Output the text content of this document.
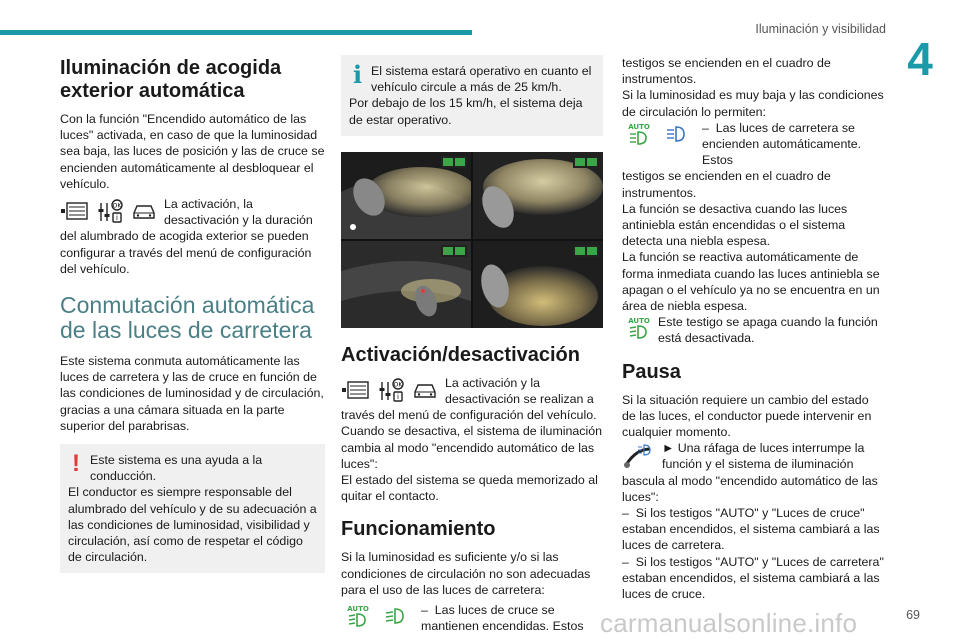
Iluminación y visibilidad
4
69
carmanualsonline.info
Iluminación de acogida exterior automática

Con la función "Encendido automático de las luces" activada, en caso de que la luminosidad sea baja, las luces de posición y las de cruce se encienden automáticamente al desbloquear el vehículo.

OK
i
La activación, la desactivación y la duración

del alumbrado de acogida exterior se pueden configurar a través del menú de configuración del vehículo.

Conmutación automática de las luces de carretera

Este sistema conmuta automáticamente las luces de carretera y las de cruce en función de las condiciones de luminosidad y de circulación, gracias a una cámara situada en la parte superior del parabrisas.

! Este sistema es una ayuda a la conducción.

El conductor es siempre responsable del alumbrado del vehículo y de su adecuación a las condiciones de luminosidad, visibilidad y circulación, así como de respetar el código de circulación.

i El sistema estará operativo en cuanto el vehículo circule a más de 25 km/h.

Por debajo de los 15 km/h, el sistema deja de estar operativo.

Activación/desactivación
OK
i
La activación y la desactivación se realizan a

través del menú de configuración del vehículo.

Cuando se desactiva, el sistema de iluminación cambia al modo "encendido automático de las luces":

El estado del sistema se queda memorizado al quitar el contacto.

Funcionamiento

Si la luminosidad es suficiente y/o si las condiciones de circulación no son adecuadas para el uso de las luces de carretera:

AUTO	–  Las luces de cruce se mantienen encendidas. Estos

testigos se encienden en el cuadro de instrumentos.

Si la luminosidad es muy baja y las condiciones de circulación lo permiten:

AUTO	–  Las luces de carretera se encienden automáticamente. Estos

testigos se encienden en el cuadro de instrumentos.

La función se desactiva cuando las luces antiniebla están encendidas o el sistema detecta una niebla espesa.

La función se reactiva automáticamente de forma inmediata cuando las luces antiniebla se apagan o el vehículo ya no se encuentra en un área de niebla espesa.

AUTO Este testigo se apaga cuando la función está desactivada.
Pausa

Si la situación requiere un cambio del estado de las luces, el conductor puede intervenir en cualquier momento.

► Una ráfaga de luces interrumpe la función y el sistema de iluminación

bascula al modo "encendido automático de las luces":

–  Si los testigos "AUTO" y "Luces de cruce" estaban encendidos, el sistema cambiará a las luces de carretera.

–  Si los testigos "AUTO" y "Luces de carretera" estaban encendidos, el sistema cambiará a las luces de cruce.
